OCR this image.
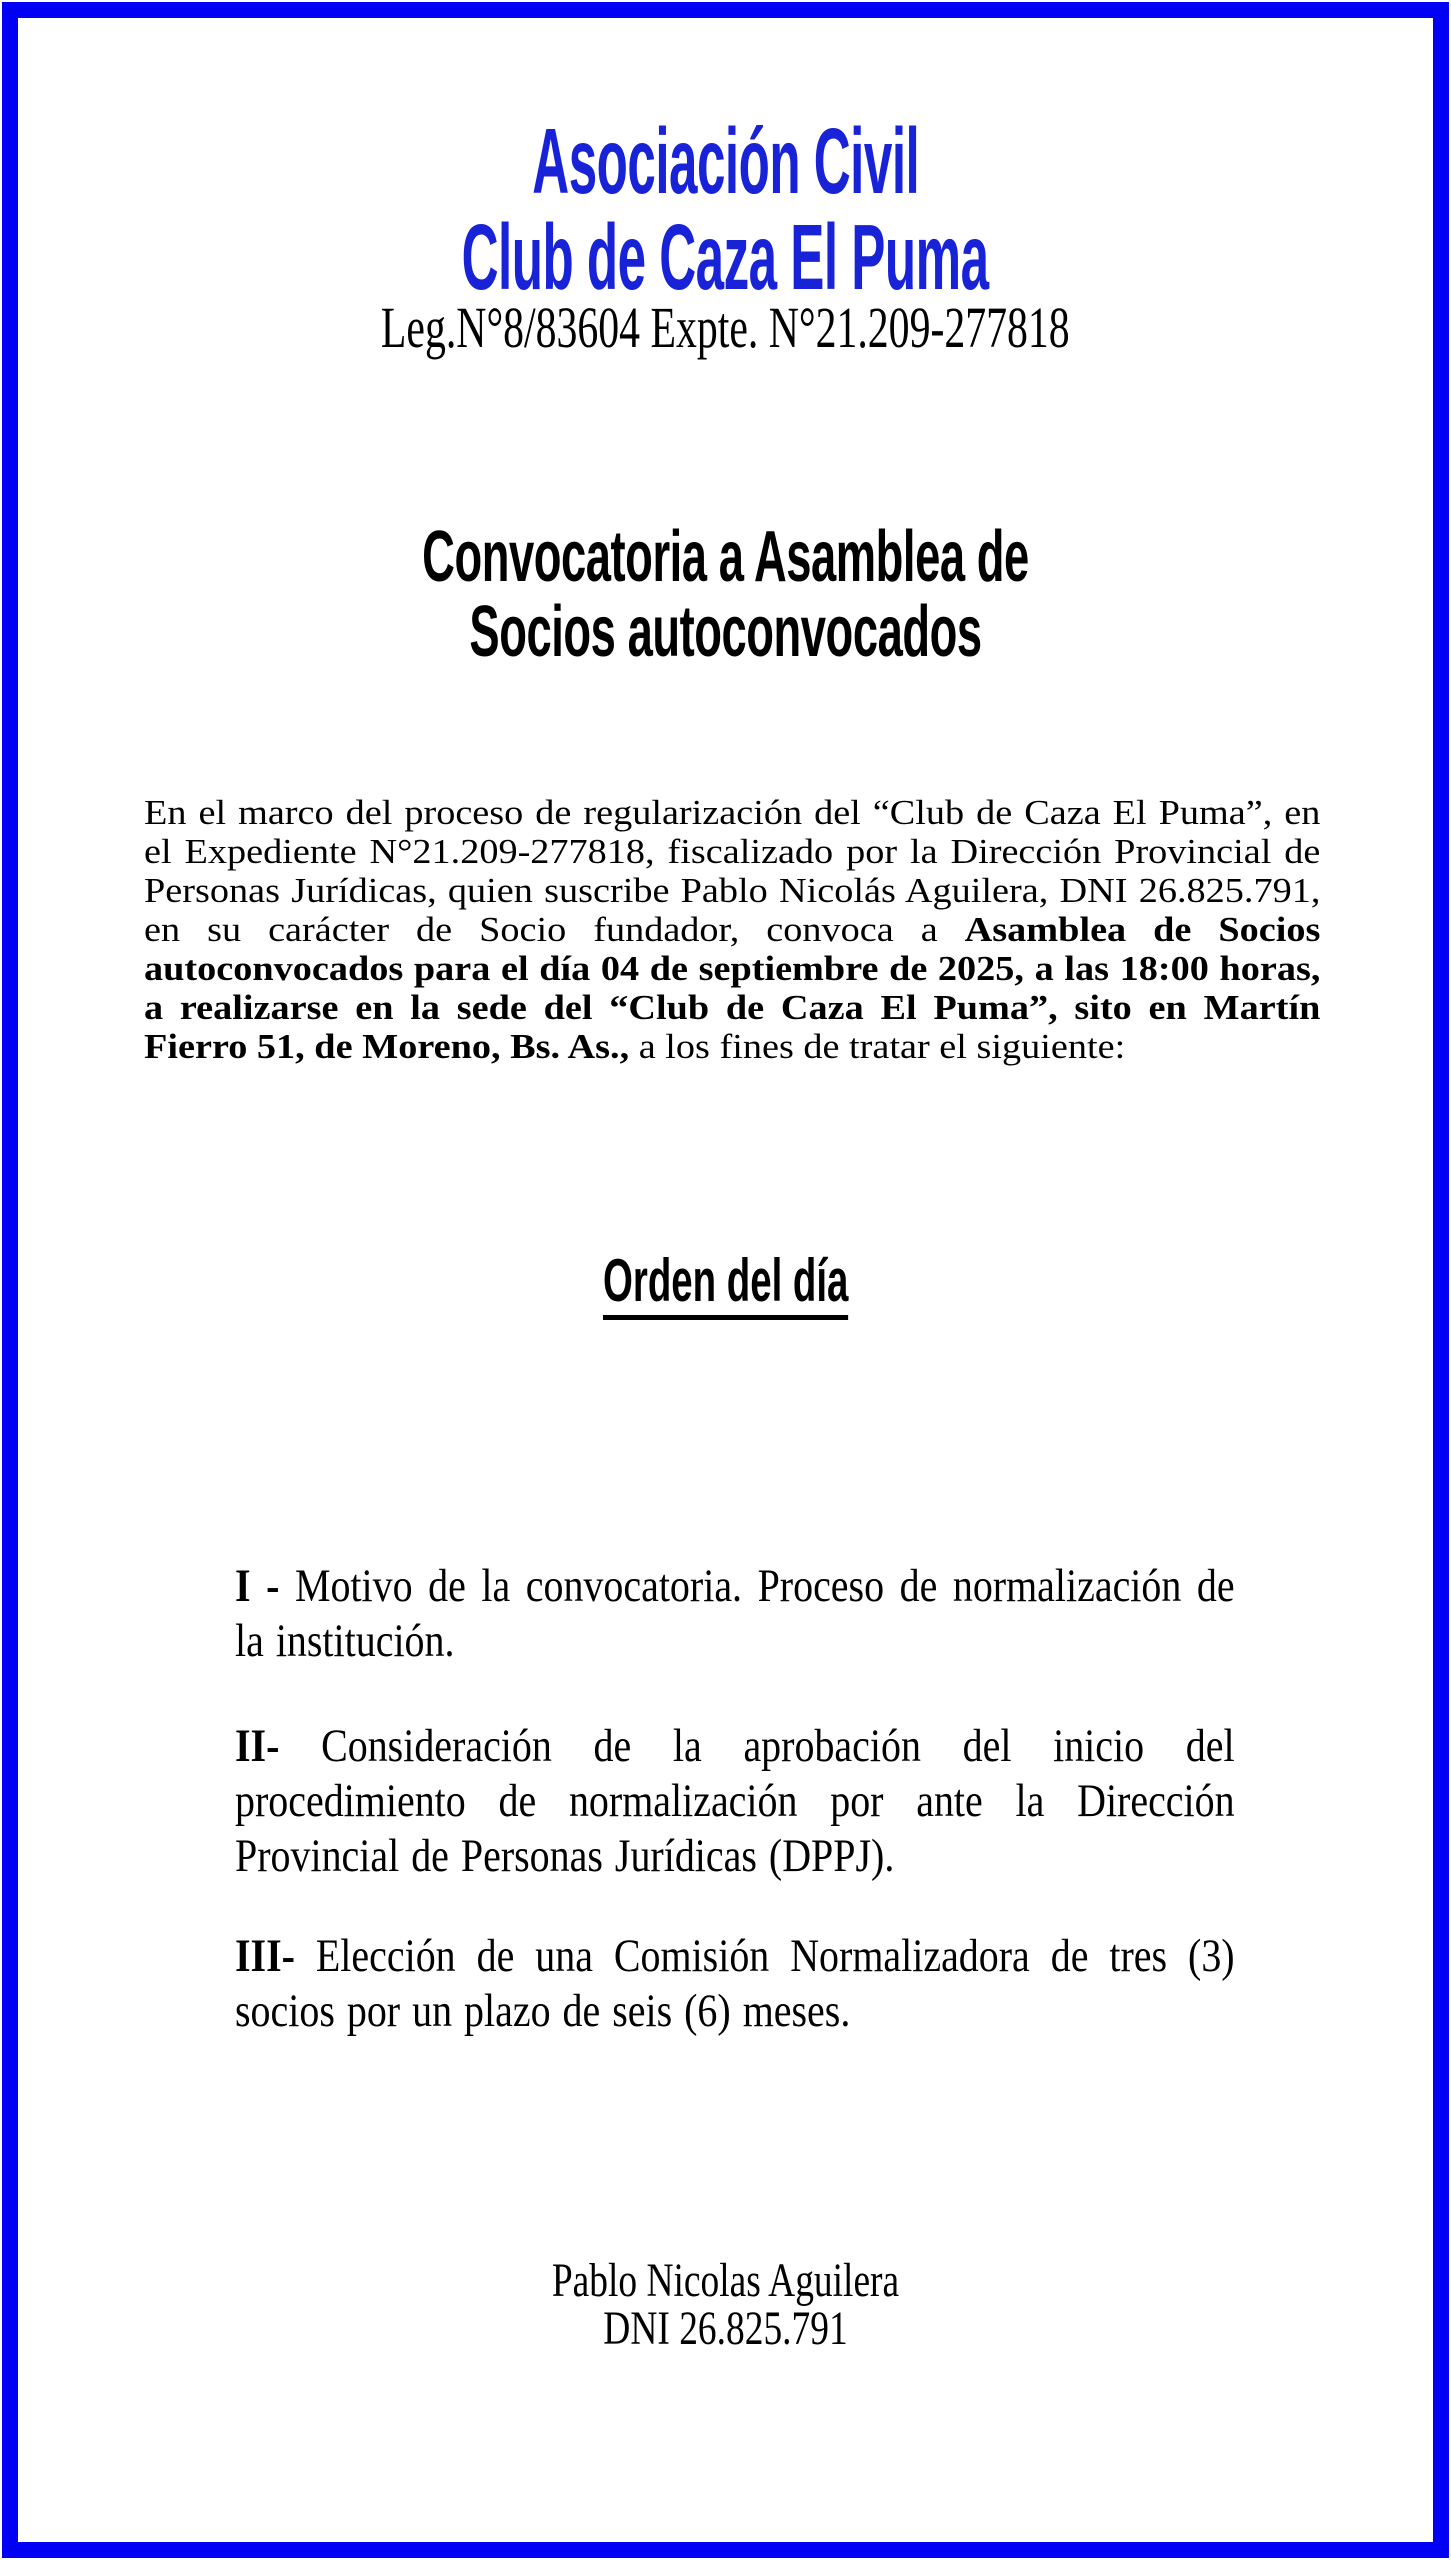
Asociación Civil
Club de Caza El Puma
Leg.N°8/83604 Expte. N°21.209-277818
Convocatoria a Asamblea de
Socios autoconvocados

En el marco del proceso de regularización del “Club de Caza El Puma”, en el Expediente N°21.209-277818, fiscalizado por la Dirección Provincial de Personas Jurídicas, quien suscribe Pablo Nicolás Aguilera, DNI 26.825.791, en su carácter de Socio fundador, convoca a Asamblea de Socios autoconvocados para el día 04 de septiembre de 2025, a las 18:00 horas, a realizarse en la sede del “Club de Caza El Puma”, sito en Martín Fierro 51, de Moreno, Bs. As., a los fines de tratar el siguiente:

Orden del día

I - Motivo de la convocatoria. Proceso de normalización de la institución.

II- Consideración de la aprobación del inicio del procedimiento de normalización por ante la Dirección Provincial de Personas Jurídicas (DPPJ).

III- Elección de una Comisión Normalizadora de tres (3) socios por un plazo de seis (6) meses.

Pablo Nicolas Aguilera
DNI 26.825.791
